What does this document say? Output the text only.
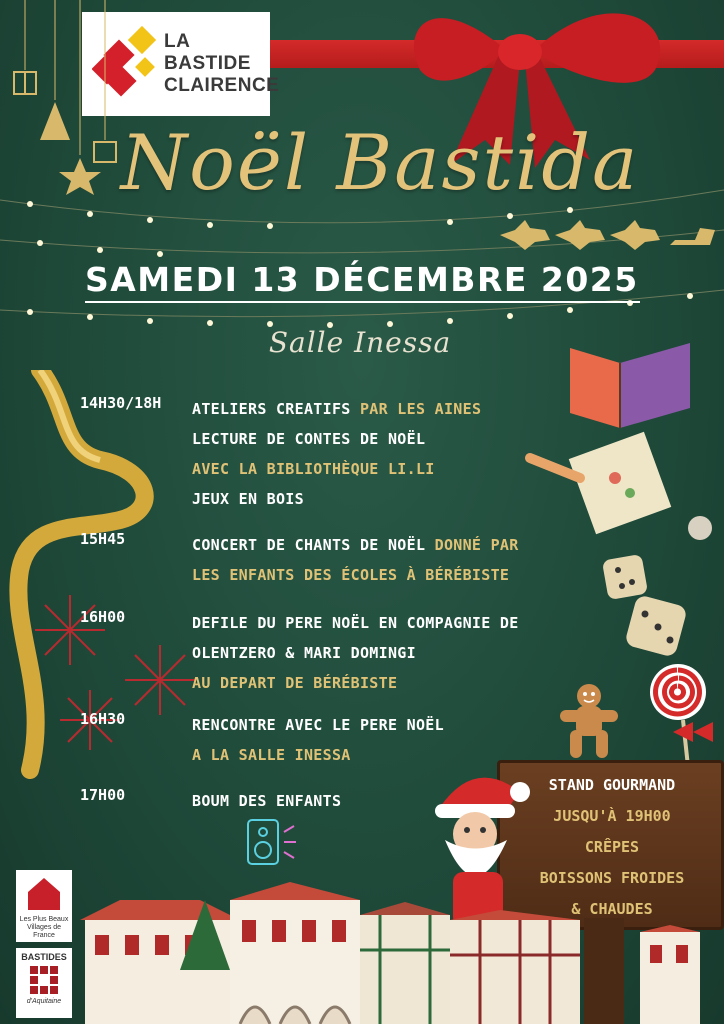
LA BASTIDE
CLAIRENCE
Noël Bastida
SAMEDI 13 DÉCEMBRE 2025
Salle Inessa
14H30/18H	ATELIERS CREATIFS PAR LES AINES
LECTURE DE CONTES DE NOËL
AVEC LA BIBLIOTHÈQUE LI.LI
JEUX EN BOIS
15H45	CONCERT DE CHANTS DE NOËL DONNÉ PAR
LES ENFANTS DES ÉCOLES À BÉRÉBISTE
16H00	DEFILE DU PERE NOËL EN COMPAGNIE DE
OLENTZERO & MARI DOMINGI
AU DEPART DE BÉRÉBISTE
16H30	RENCONTRE AVEC LE PERE NOËL
A LA SALLE INESSA
17H00	BOUM DES ENFANTS
STAND GOURMAND
JUSQU'À 19H00
CRÊPES
BOISSONS FROIDES
& CHAUDES
Les Plus Beaux Villages de France
BASTIDES
d'Aquitaine
